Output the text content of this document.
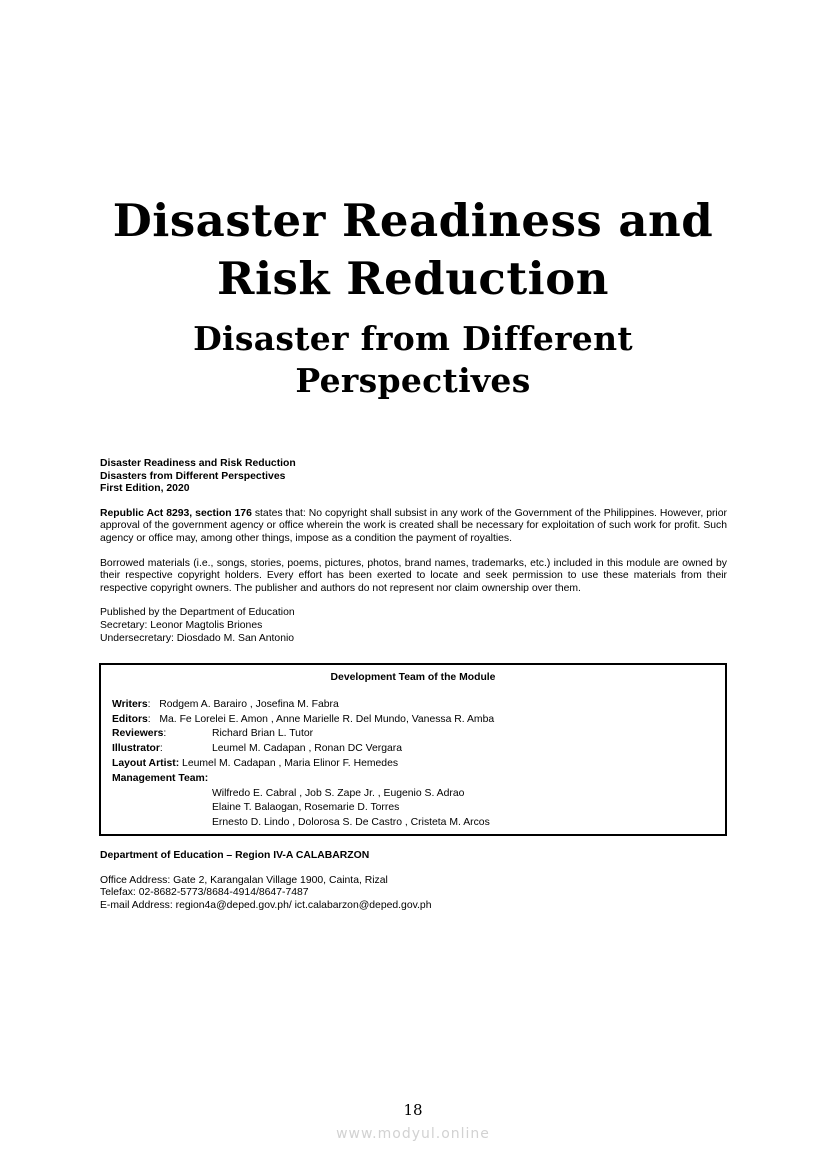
Disaster Readiness and
Risk Reduction
Disaster from Different
Perspectives

Disaster Readiness and Risk Reduction
Disasters from Different Perspectives
First Edition, 2020

Republic Act 8293, section 176 states that: No copyright shall subsist in any work of the Government of the Philippines. However, prior approval of the government agency or office wherein the work is created shall be necessary for exploitation of such work for profit. Such agency or office may, among other things, impose as a condition the payment of royalties.

Borrowed materials (i.e., songs, stories, poems, pictures, photos, brand names, trademarks, etc.) included in this module are owned by their respective copyright holders. Every effort has been exerted to locate and seek permission to use these materials from their respective copyright owners. The publisher and authors do not represent nor claim ownership over them.

Published by the Department of Education
Secretary: Leonor Magtolis Briones
Undersecretary: Diosdado M. San Antonio

Development Team of the Module
Writers:   Rodgem A. Barairo , Josefina M. Fabra
Editors:   Ma. Fe Lorelei E. Amon , Anne Marielle R. Del Mundo, Vanessa R. Amba
Reviewers:	Richard Brian L. Tutor
Illustrator:	Leumel M. Cadapan , Ronan DC Vergara
Layout Artist: Leumel M. Cadapan , Maria Elinor F. Hemedes
Management Team:
Wilfredo E. Cabral , Job S. Zape Jr. , Eugenio S. Adrao
Elaine T. Balaogan, Rosemarie D. Torres
Ernesto D. Lindo , Dolorosa S. De Castro , Cristeta M. Arcos
Department of Education – Region IV-A CALABARZON
Office Address: Gate 2, Karangalan Village 1900, Cainta, Rizal
Telefax: 02-8682-5773/8684-4914/8647-7487
E-mail Address: region4a@deped.gov.ph/ ict.calabarzon@deped.gov.ph
18
www.modyul.online
